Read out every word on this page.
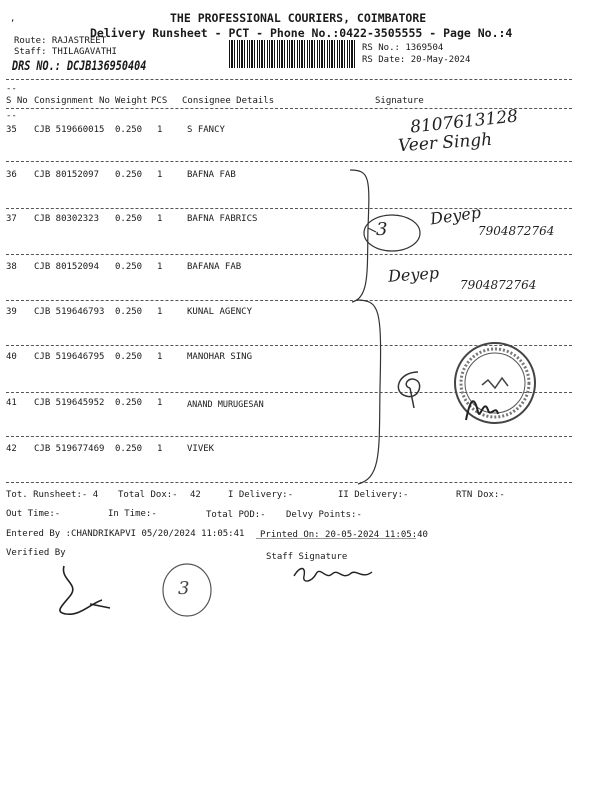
,	THE PROFESSIONAL COURIERS, COIMBATORE
Delivery Runsheet - PCT - Phone No.:0422-3505555 - Page No.:4
Route: RAJASTREET
Staff: THILAGAVATHI
DRS NO.: DCJB136950404
RS No.: 1369504
RS Date: 20-May-2024
--
S No Consignment No Weight PCS Consignee Details	Signature
--
35 CJB 519660015 0.250 1	S FANCY
36 CJB 80152097 0.250 1	BAFNA FAB
37 CJB 80302323 0.250 1	BAFNA FABRICS
38 CJB 80152094 0.250 1	BAFANA FAB
39 CJB 519646793 0.250 1	KUNAL AGENCY
40 CJB 519646795 0.250 1	MANOHAR SING
41 CJB 519645952 0.250 1	ANAND MURUGESAN
42 CJB 519677469 0.250 1	VIVEK
8107613128
Veer Singh
Deyep
7904872764
3
Deyep 7904872764
Tot. Runsheet:- 4 Total Dox:- 42	I Delivery:-	II Delivery:-	RTN Dox:-
Out Time:-	In Time:-	Total POD:- Delvy Points:-
Entered By :CHANDRIKAPVI 05/20/2024 11:05:41 Printed On: 20-05-2024 11:05:40
Verified By	Staff Signature
3
